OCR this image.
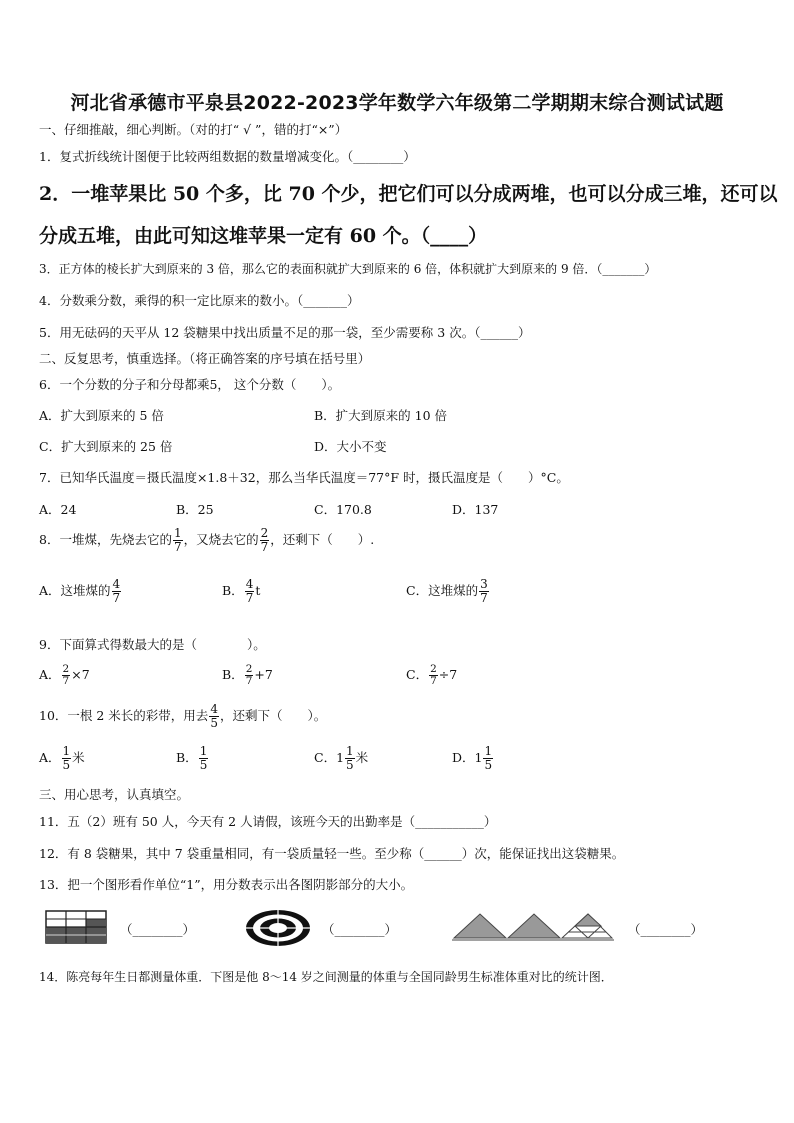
河北省承德市平泉县2022-2023学年数学六年级第二学期期末综合测试试题
一、仔细推敲，细心判断。（对的打“ √ ”，错的打“×”）
1．复式折线统计图便于比较两组数据的数量增减变化。（________）
2．一堆苹果比 50 个多，比 70 个少，把它们可以分成两堆，也可以分成三堆，还可以
分成五堆，由此可知这堆苹果一定有 60 个。（____）
3．正方体的棱长扩大到原来的 3 倍，那么它的表面积就扩大到原来的 6 倍，体积就扩大到原来的 9 倍．（_______）
4．分数乘分数，乘得的积一定比原来的数小。（_______）
5．用无砝码的天平从 12 袋糖果中找出质量不足的那一袋，至少需要称 3 次。（______）
二、反复思考，慎重选择。（将正确答案的序号填在括号里）
6．一个分数的分子和分母都乘5， 这个分数（　　）。
A．扩大到原来的 5 倍	B．扩大到原来的 10 倍
C．扩大到原来的 25 倍	D．大小不变
7．已知华氏温度＝摄氏温度×1.8＋32，那么当华氏温度＝77°F 时，摄氏温度是（　　）°C。
A．24	B．25	C．170.8	D．137
8．一堆煤，先烧去它的 $\frac{1}{7}$ ，又烧去它的 $\frac{2}{7}$ ，还剩下（　　）.
A．这堆煤的 $\frac{4}{7}$	B． $\frac{4}{7}$ t	C．这堆煤的 $\frac{3}{7}$
9．下面算式得数最大的是（　　　　）。
A． $\frac{2}{7} \times 7$	B． $\frac{2}{7} +7$	C． $\frac{2}{7} \div 7$
10．一根 2 米长的彩带，用去 $\frac{4}{5}$ ，还剩下（　　）。
A． $\frac{1}{5}$ 米	B． $\frac{1}{5}$	C．$1 \frac{1}{5}$ 米	D．$1 \frac{1}{5}$
三、用心思考，认真填空。
11．五（2）班有 50 人，今天有 2 人请假，该班今天的出勤率是（___________）
12．有 8 袋糖果，其中 7 袋重量相同，有一袋质量轻一些。至少称（______）次，能保证找出这袋糖果。
13．把一个图形看作单位“1”，用分数表示出各图阴影部分的大小。
（________）	（________）	（________）
14．陈亮每年生日都测量体重．下图是他 8～14 岁之间测量的体重与全国同龄男生标准体重对比的统计图．
